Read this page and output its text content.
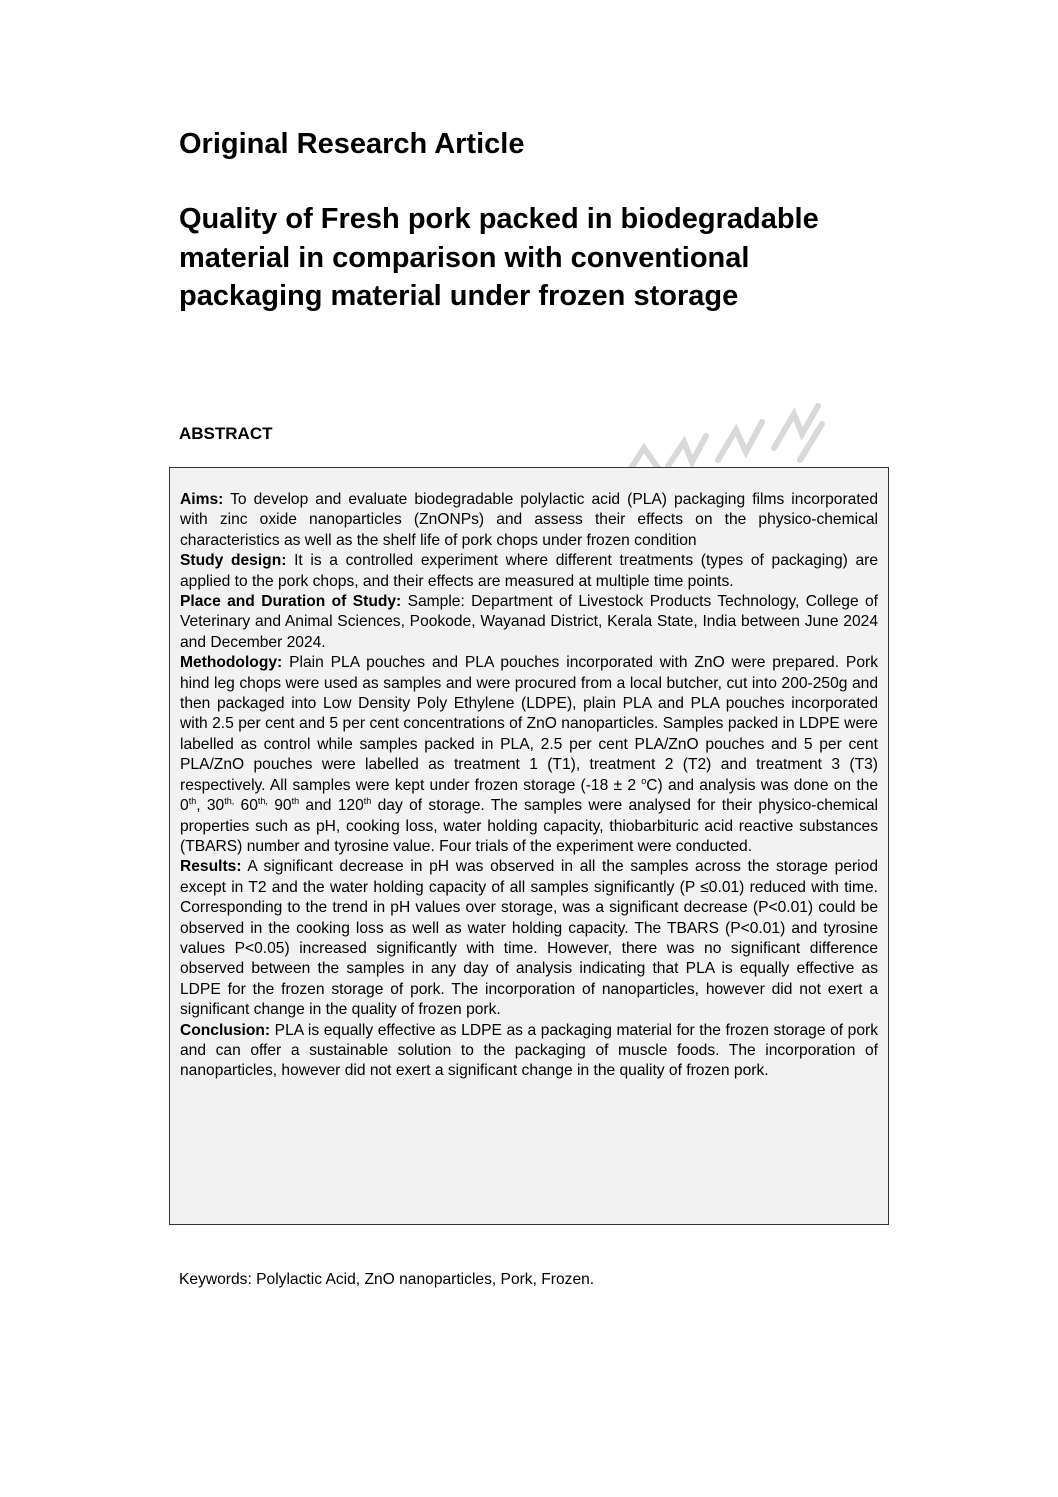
Original Research Article
Quality of Fresh pork packed in biodegradable material in comparison with conventional packaging material under frozen storage
ABSTRACT

Aims: To develop and evaluate biodegradable polylactic acid (PLA) packaging films incorporated with zinc oxide nanoparticles (ZnONPs) and assess their effects on the physico-chemical characteristics as well as the shelf life of pork chops under frozen condition
Study design: It is a controlled experiment where different treatments (types of packaging) are applied to the pork chops, and their effects are measured at multiple time points.
Place and Duration of Study: Sample: Department of Livestock Products Technology, College of Veterinary and Animal Sciences, Pookode, Wayanad District, Kerala State, India between June 2024 and December 2024.
Methodology: Plain PLA pouches and PLA pouches incorporated with ZnO were prepared. Pork hind leg chops were used as samples and were procured from a local butcher, cut into 200-250g and then packaged into Low Density Poly Ethylene (LDPE), plain PLA and PLA pouches incorporated with 2.5 per cent and 5 per cent concentrations of ZnO nanoparticles. Samples packed in LDPE were labelled as control while samples packed in PLA, 2.5 per cent PLA/ZnO pouches and 5 per cent PLA/ZnO pouches were labelled as treatment 1 (T1), treatment 2 (T2) and treatment 3 (T3) respectively. All samples were kept under frozen storage (-18 ± 2 $^o$C) and analysis was done on the 0th, $30^{th,}$ $60^{th,}$ 90th and 120th day of storage. The samples were analysed for their physico-chemical properties such as pH, cooking loss, water holding capacity, thiobarbituric acid reactive substances (TBARS) number and tyrosine value. Four trials of the experiment were conducted.
Results: A significant decrease in pH was observed in all the samples across the storage period except in T2 and the water holding capacity of all samples significantly (P ≤0.01) reduced with time. Corresponding to the trend in pH values over storage, was a significant decrease (P<0.01) could be observed in the cooking loss as well as water holding capacity. The TBARS (P<0.01) and tyrosine values P<0.05) increased significantly with time. However, there was no significant difference observed between the samples in any day of analysis indicating that PLA is equally effective as LDPE for the frozen storage of pork. The incorporation of nanoparticles, however did not exert a significant change in the quality of frozen pork.
Conclusion: PLA is equally effective as LDPE as a packaging material for the frozen storage of pork and can offer a sustainable solution to the packaging of muscle foods. The incorporation of nanoparticles, however did not exert a significant change in the quality of frozen pork.

Keywords: Polylactic Acid, ZnO nanoparticles, Pork, Frozen.
